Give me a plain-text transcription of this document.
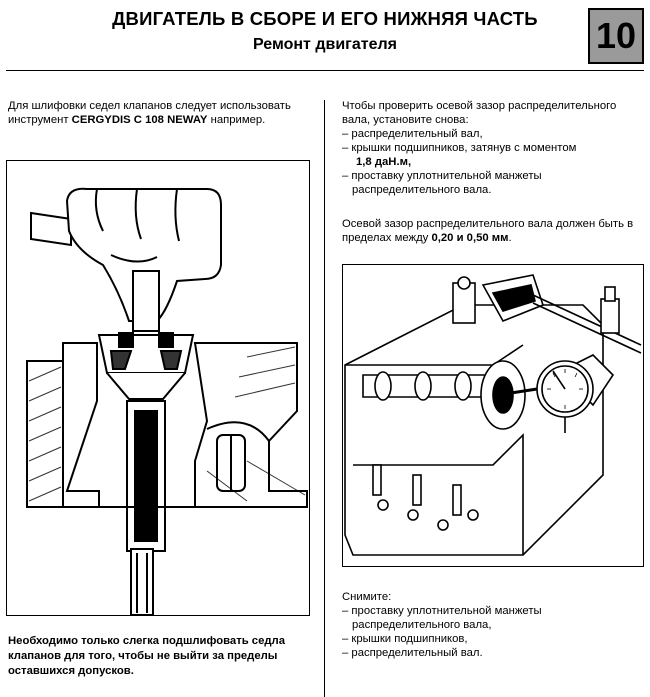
ДВИГАТЕЛЬ В СБОРЕ И ЕГО НИЖНЯЯ ЧАСТЬ
Ремонт двигателя	10
Для шлифовки седел клапанов следует использовать инструмент CERGYDIS C 108 NEWAY например.
Необходимо только слегка подшлифовать седла клапанов для того, чтобы не выйти за пределы оставшихся допусков.
Чтобы проверить осевой зазор распределительного вала, установите снова:
– распределительный вал,
– крышки подшипников, затянув с моментом
1,8 даН.м,
– проставку уплотнительной манжеты распределительного вала.
Осевой зазор распределительного вала должен быть в пределах между 0,20 и 0,50 мм.
Снимите:
– проставку уплотнительной манжеты распределительного вала,
– крышки подшипников,
– распределительный вал.
